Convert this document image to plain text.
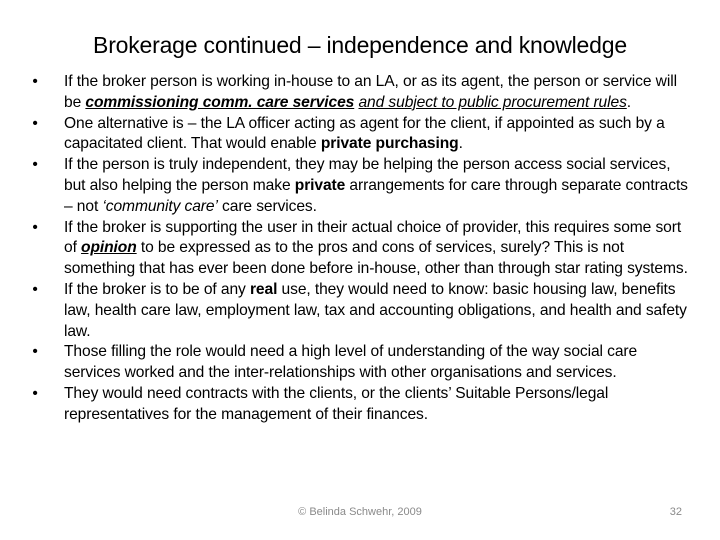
Brokerage continued – independence and knowledge
• If the broker person is working in-house to an LA, or as its agent, the person or service will be commissioning comm. care services and subject to public procurement rules.
• One alternative is – the LA officer acting as agent for the client, if appointed as such by a capacitated client. That would enable private purchasing.
• If the person is truly independent, they may be helping the person access social services, but also helping the person make private arrangements for care through separate contracts – not ‘community care’ care services.
• If the broker is supporting the user in their actual choice of provider, this requires some sort of opinion to be expressed as to the pros and cons of services, surely? This is not something that has ever been done before in-house, other than through star rating systems.
• If the broker is to be of any real use, they would need to know: basic housing law, benefits law, health care law, employment law, tax and accounting obligations, and health and safety law.
• Those filling the role would need a high level of understanding of the way social care services worked and the inter-relationships with other organisations and services.
• They would need contracts with the clients, or the clients’ Suitable Persons/legal representatives for the management of their finances.
© Belinda Schwehr, 2009	32
